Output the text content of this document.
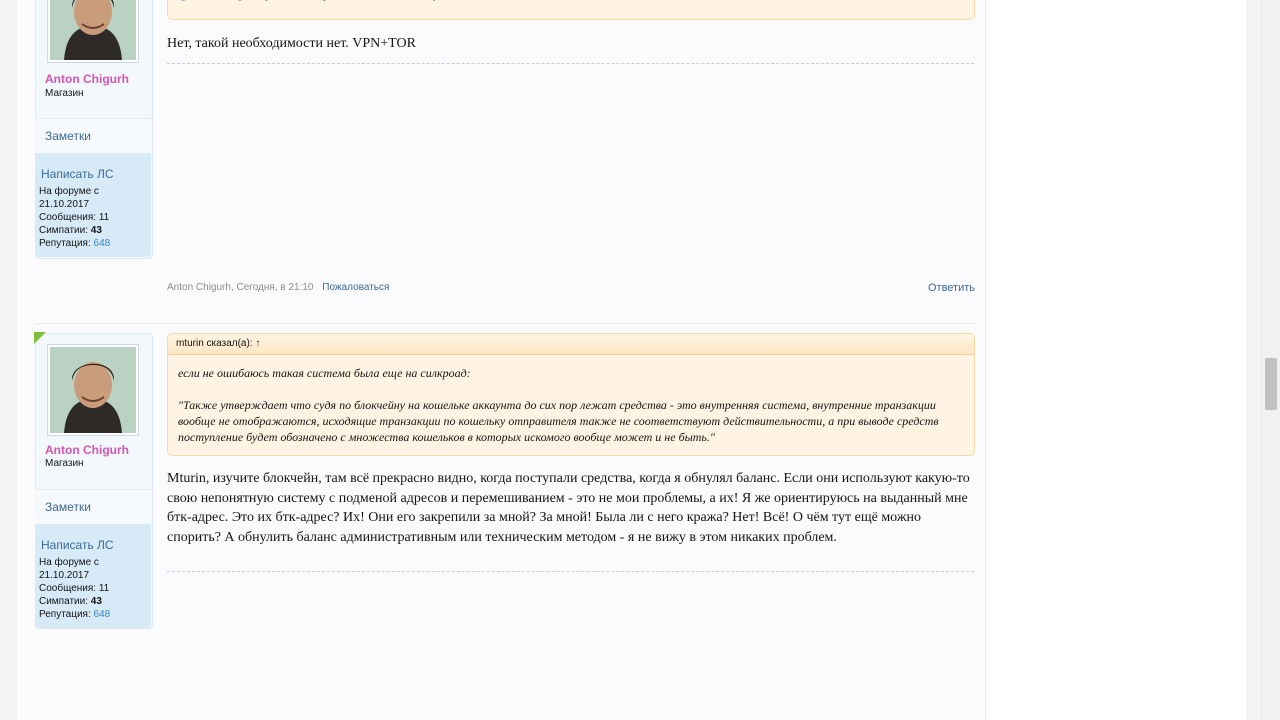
Anton Chigurh
Магазин
Заметки
Написать ЛС
На форуме с
21.10.2017
Сообщения: 11
Симпатии: 43
Репутация: 648
Нет, такой необходимости нет. VPN+TOR
Anton Chigurh, Сегодня, в 21:10 Пожаловаться	Ответить
Anton Chigurh
Магазин
Заметки
Написать ЛС
На форуме с
21.10.2017
Сообщения: 11
Симпатии: 43
Репутация: 648
mturin сказал(а): ↑
если не ошибаюсь такая система была еще на силкроад:
"Также утверждает что судя по блокчейну на кошельке аккаунта до сих пор лежат средства - это внутренняя система, внутренние транзакции вообще не отображаются, исходящие транзакции по кошельку отправителя также не соответствуют действительности, а при выводе средств поступление будет обозначено с множества кошельков в которых искомого вообще может и не быть."
Mturin, изучите блокчейн, там всё прекрасно видно, когда поступали средства, когда я обнулял баланс. Если они используют какую-то свою непонятную систему с подменой адресов и перемешиванием - это не мои проблемы, а их! Я же ориентируюсь на выданный мне бтк-адрес. Это их бтк-адрес? Их! Они его закрепили за мной? За мной! Была ли с него кража? Нет! Всё! О чём тут ещё можно спорить? А обнулить баланс административным или техническим методом - я не вижу в этом никаких проблем.
